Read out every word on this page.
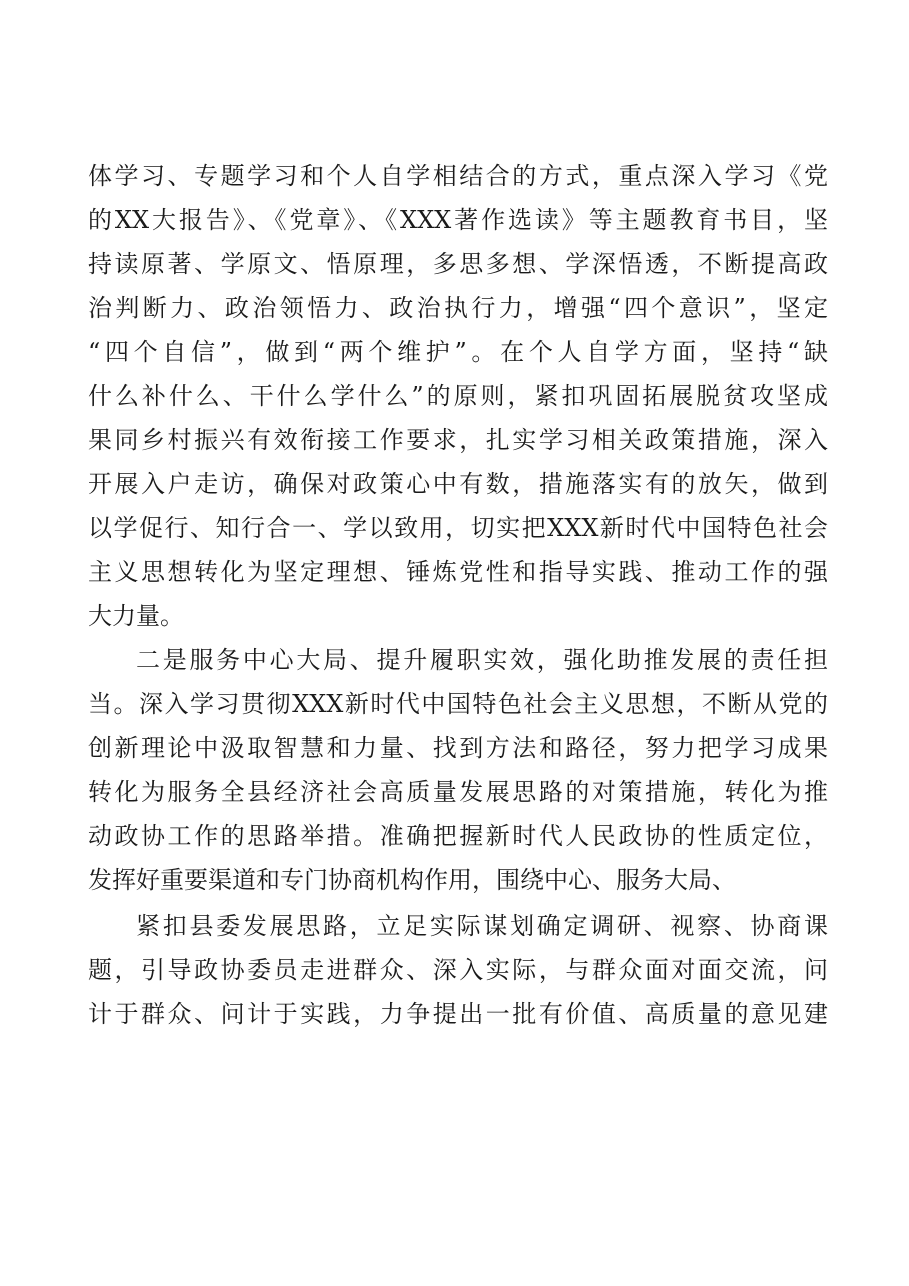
体学习、专题学习和个人自学相结合的方式，重点深入学习《党
的XX大报告》、《党章》、《XXX著作选读》等主题教育书目，坚
持读原著、学原文、悟原理，多思多想、学深悟透，不断提高政
治判断力、政治领悟力、政治执行力，增强“四个意识”，坚定
“四个自信”，做到“两个维护”。在个人自学方面，坚持“缺
什么补什么、干什么学什么”的原则，紧扣巩固拓展脱贫攻坚成
果同乡村振兴有效衔接工作要求，扎实学习相关政策措施，深入
开展入户走访，确保对政策心中有数，措施落实有的放矢，做到
以学促行、知行合一、学以致用，切实把XXX新时代中国特色社会
主义思想转化为坚定理想、锤炼党性和指导实践、推动工作的强
大力量。
二是服务中心大局、提升履职实效，强化助推发展的责任担
当。深入学习贯彻XXX新时代中国特色社会主义思想，不断从党的
创新理论中汲取智慧和力量、找到方法和路径，努力把学习成果
转化为服务全县经济社会高质量发展思路的对策措施，转化为推
动政协工作的思路举措。准确把握新时代人民政协的性质定位，
发挥好重要渠道和专门协商机构作用，围绕中心、服务大局、
紧扣县委发展思路，立足实际谋划确定调研、视察、协商课
题，引导政协委员走进群众、深入实际，与群众面对面交流，问
计于群众、问计于实践，力争提出一批有价值、高质量的意见建
